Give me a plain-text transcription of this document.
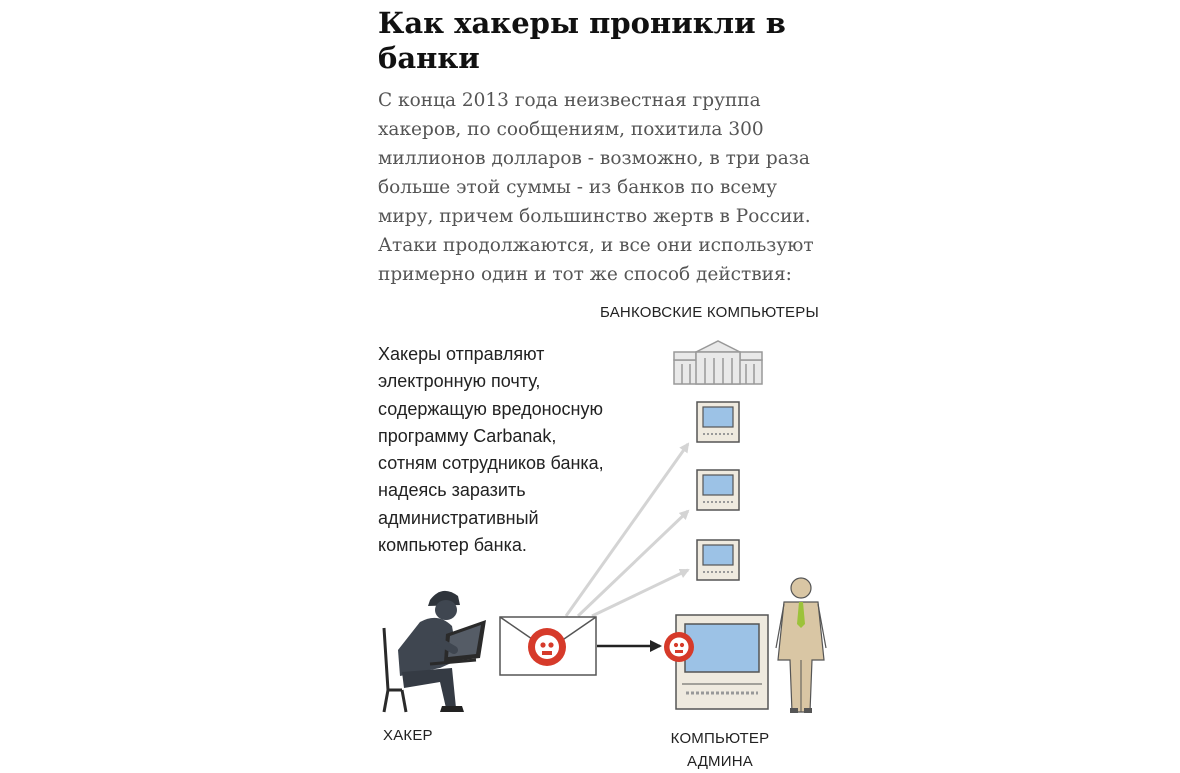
Как хакеры проникли в банки

С конца 2013 года неизвестная группа хакеров, по сообщениям, похитила 300 миллионов долларов - возможно, в три раза больше этой суммы - из банков по всему миру, причем большинство жертв в России. Атаки продолжаются, и все они используют примерно один и тот же способ действия:

БАНКОВСКИЕ КОМПЬЮТЕРЫ
Хакеры отправляют
электронную почту,
содержащую вредоносную
программу Carbanak,
сотням сотрудников банка,
надеясь заразить
административный
компьютер банка.
ХАКЕР	КОМПЬЮТЕР
АДМИНА
